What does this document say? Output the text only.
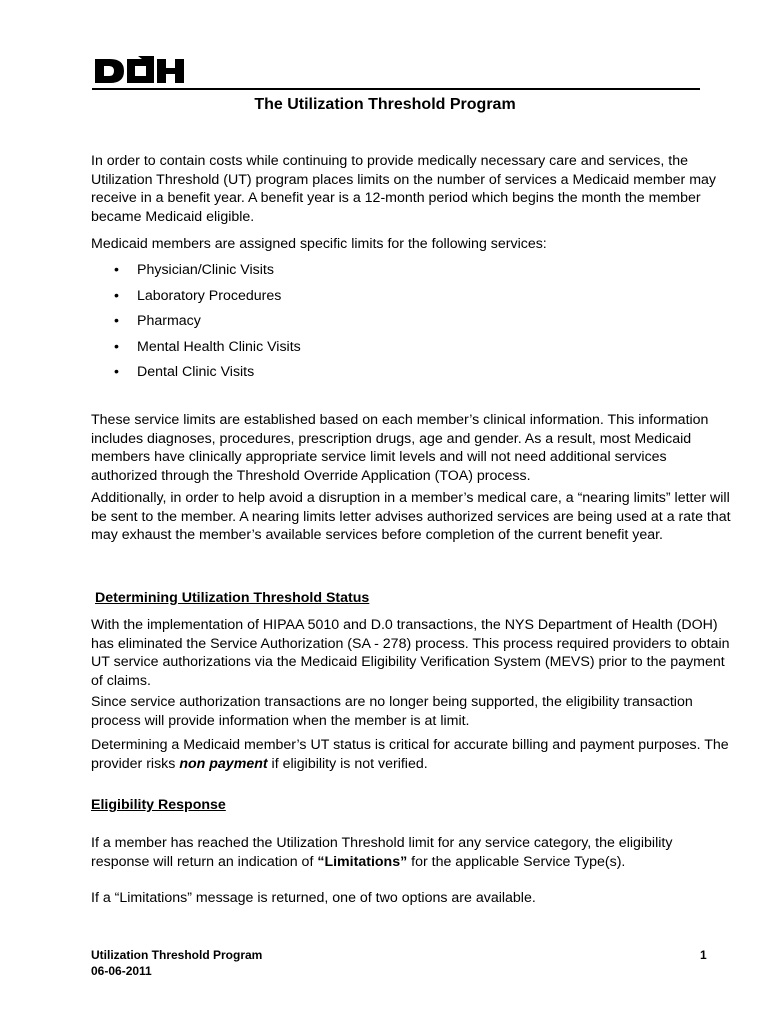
The Utilization Threshold Program

In order to contain costs while continuing to provide medically necessary care and services, the Utilization Threshold (UT) program places limits on the number of services a Medicaid member may receive in a benefit year. A benefit year is a 12-month period which begins the month the member became Medicaid eligible.

Medicaid members are assigned specific limits for the following services:

• Physician/Clinic Visits
• Laboratory Procedures
• Pharmacy
• Mental Health Clinic Visits
• Dental Clinic Visits

These service limits are established based on each member’s clinical information. This information includes diagnoses, procedures, prescription drugs, age and gender. As a result, most Medicaid members have clinically appropriate service limit levels and will not need additional services authorized through the Threshold Override Application (TOA) process.

Additionally, in order to help avoid a disruption in a member’s medical care, a “nearing limits” letter will be sent to the member. A nearing limits letter advises authorized services are being used at a rate that may exhaust the member’s available services before completion of the current benefit year.

Determining Utilization Threshold Status

With the implementation of HIPAA 5010 and D.0 transactions, the NYS Department of Health (DOH) has eliminated the Service Authorization (SA - 278) process. This process required providers to obtain UT service authorizations via the Medicaid Eligibility Verification System (MEVS) prior to the payment of claims.

Since service authorization transactions are no longer being supported, the eligibility transaction process will provide information when the member is at limit.

Determining a Medicaid member’s UT status is critical for accurate billing and payment purposes. The provider risks non payment if eligibility is not verified.

Eligibility Response

If a member has reached the Utilization Threshold limit for any service category, the eligibility response will return an indication of “Limitations” for the applicable Service Type(s).

If a “Limitations” message is returned, one of two options are available.

Utilization Threshold Program
06-06-2011
1
